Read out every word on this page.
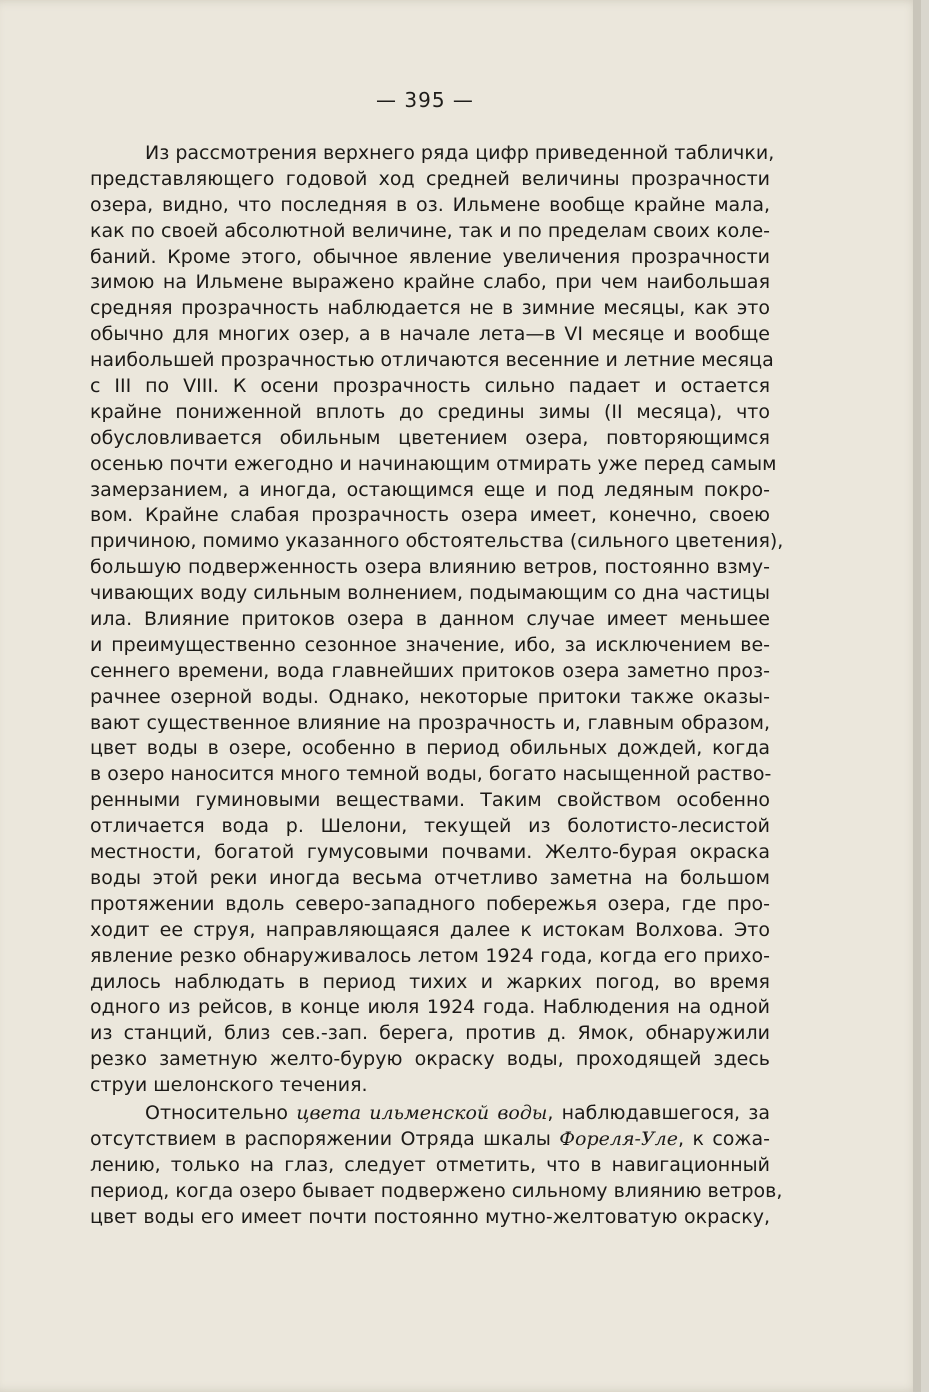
— 395 —
Из рассмотрения верхнего ряда цифр приведенной таблички,
представляющего годовой ход средней величины прозрачности
озера, видно, что последняя в оз. Ильмене вообще крайне мала,
как по своей абсолютной величине, так и по пределам своих коле-
баний. Кроме этого, обычное явление увеличения прозрачности
зимою на Ильмене выражено крайне слабо, при чем наибольшая
средняя прозрачность наблюдается не в зимние месяцы, как это
обычно для многих озер, а в начале лета—в VI месяце и вообще
наибольшей прозрачностью отличаются весенние и летние месяца
с III по VIII. К осени прозрачность сильно падает и остается
крайне пониженной вплоть до средины зимы (II месяца), что
обусловливается обильным цветением озера, повторяющимся
осенью почти ежегодно и начинающим отмирать уже перед самым
замерзанием, а иногда, остающимся еще и под ледяным покро-
вом. Крайне слабая прозрачность озера имеет, конечно, своею
причиною, помимо указанного обстоятельства (сильного цветения),
большую подверженность озера влиянию ветров, постоянно взму-
чивающих воду сильным волнением, подымающим со дна частицы
ила. Влияние притоков озера в данном случае имеет меньшее
и преимущественно сезонное значение, ибо, за исключением ве-
сеннего времени, вода главнейших притоков озера заметно проз-
рачнее озерной воды. Однако, некоторые притоки также оказы-
вают существенное влияние на прозрачность и, главным образом,
цвет воды в озере, особенно в период обильных дождей, когда
в озеро наносится много темной воды, богато насыщенной раство-
ренными гуминовыми веществами. Таким свойством особенно
отличается вода р. Шелони, текущей из болотисто-лесистой
местности, богатой гумусовыми почвами. Желто-бурая окраска
воды этой реки иногда весьма отчетливо заметна на большом
протяжении вдоль северо-западного побережья озера, где про-
ходит ее струя, направляющаяся далее к истокам Волхова. Это
явление резко обнаруживалось летом 1924 года, когда его прихо-
дилось наблюдать в период тихих и жарких погод, во время
одного из рейсов, в конце июля 1924 года. Наблюдения на одной
из станций, близ сев.-зап. берега, против д. Ямок, обнаружили
резко заметную желто-бурую окраску воды, проходящей здесь
струи шелонского течения.
Относительно цвета ильменской воды, наблюдавшегося, за
отсутствием в распоряжении Отряда шкалы Фореля-Уле, к сожа-
лению, только на глаз, следует отметить, что в навигационный
период, когда озеро бывает подвержено сильному влиянию ветров,
цвет воды его имеет почти постоянно мутно-желтоватую окраску,
